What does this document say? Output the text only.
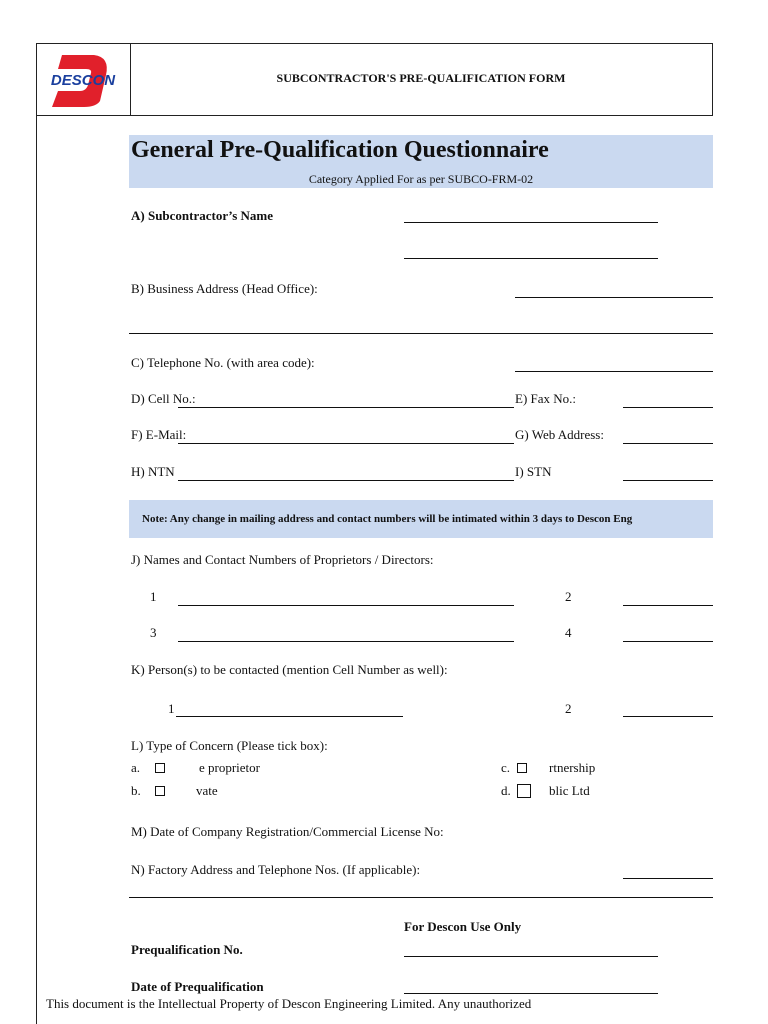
DESCON	SUBCONTRACTOR'S PRE-QUALIFICATION FORM
General Pre-Qualification Questionnaire
Category Applied For as per SUBCO-FRM-02
A) Subcontractor’s Name
B) Business Address (Head Office):
C) Telephone No. (with area code):
D) Cell No.:	E) Fax No.:
F) E-Mail:	G) Web Address:
H) NTN	I) STN
Note: Any change in mailing address and contact numbers will be intimated within 3 days to Descon Eng
J) Names and Contact Numbers of Proprietors / Directors:
1	2
3	4
K) Person(s) to be contacted (mention Cell Number as well):
1	2
L) Type of Concern (Please tick box):
a.	e proprietor	c.	rtnership
b.	vate	d.	blic Ltd
M) Date of Company Registration/Commercial License No:
N) Factory Address and Telephone Nos. (If applicable):
For Descon Use Only
Prequalification No.
Date of Prequalification
This document is the Intellectual Property of Descon Engineering Limited. Any unauthorized
